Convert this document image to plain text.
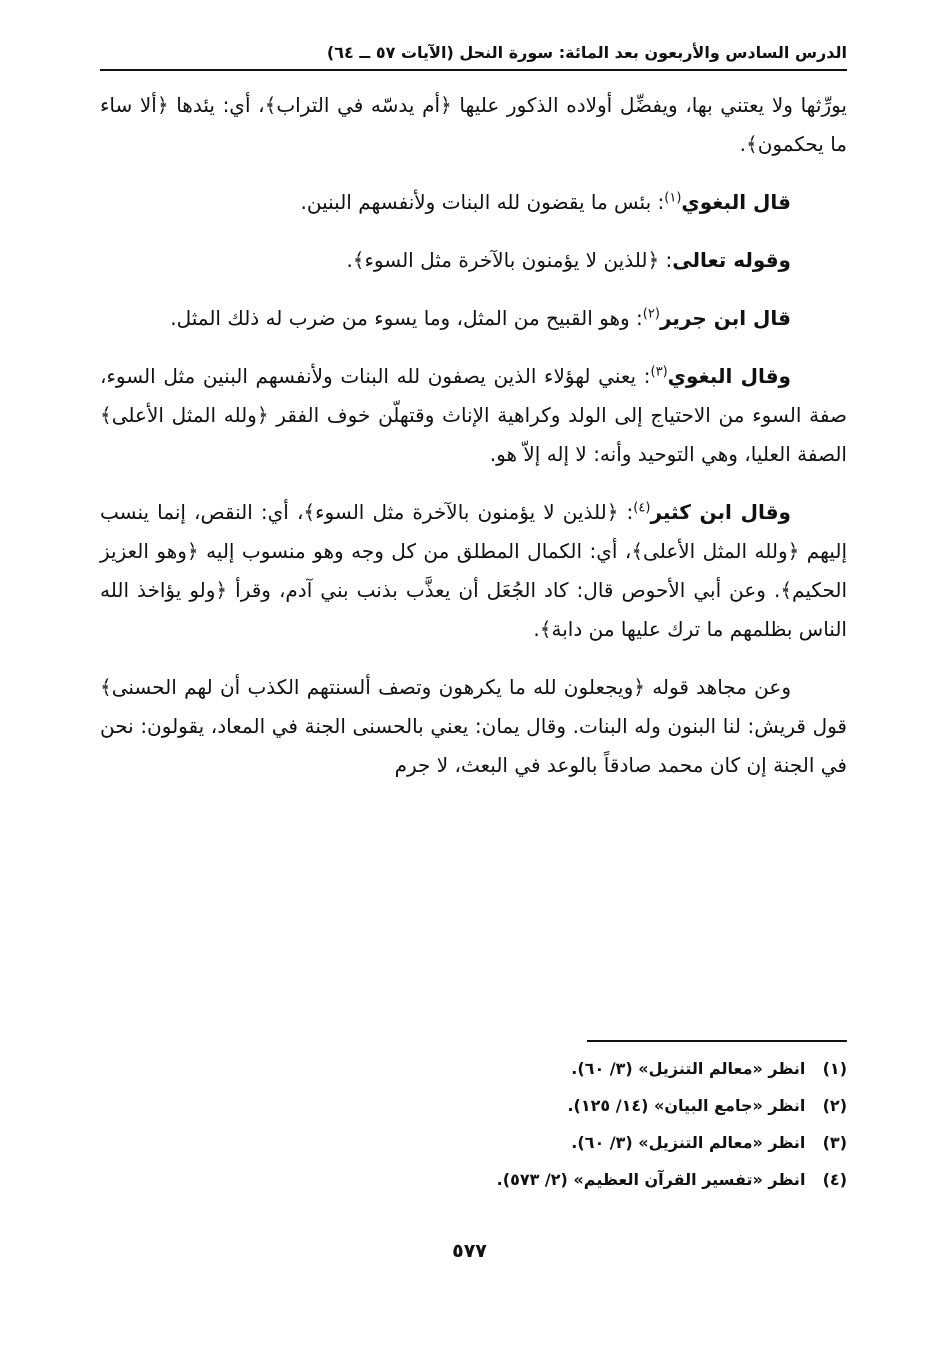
الدرس السادس والأربعون بعد المائة: سورة النحل (الآيات ٥٧ ــ ٦٤)

يورِّثها ولا يعتني بها، ويفضِّل أولاده الذكور عليها ﴿أم يدسّه في التراب﴾، أي: يئدها ﴿ألا ساء ما يحكمون﴾.

قال البغوي$^{(١)}$: بئس ما يقضون لله البنات ولأنفسهم البنين.

وقوله تعالى: ﴿للذين لا يؤمنون بالآخرة مثل السوء﴾.

قال ابن جرير$^{(٢)}$: وهو القبيح من المثل، وما يسوء من ضرب له ذلك المثل.

وقال البغوي$^{(٣)}$: يعني لهؤلاء الذين يصفون لله البنات ولأنفسهم البنين مثل السوء، صفة السوء من الاحتياج إلى الولد وكراهية الإناث وقتهلّن خوف الفقر ﴿ولله المثل الأعلى﴾ الصفة العليا، وهي التوحيد وأنه: لا إله إلاّ هو.

وقال ابن كثير$^{(٤)}$: ﴿للذين لا يؤمنون بالآخرة مثل السوء﴾، أي: النقص، إنما ينسب إليهم ﴿ولله المثل الأعلى﴾، أي: الكمال المطلق من كل وجه وهو منسوب إليه ﴿وهو العزيز الحكيم﴾. وعن أبي الأحوص قال: كاد الجُعَل أن يعذَّب بذنب بني آدم، وقرأ ﴿ولو يؤاخذ الله الناس بظلمهم ما ترك عليها من دابة﴾.

وعن مجاهد قوله ﴿ويجعلون لله ما يكرهون وتصف ألسنتهم الكذب أن لهم الحسنى﴾ قول قريش: لنا البنون وله البنات. وقال يمان: يعني بالحسنى الجنة في المعاد، يقولون: نحن في الجنة إن كان محمد صادقاً بالوعد في البعث، لا جرم

(١) انظر «معالم التنزيل» (٣/ ٦٠).
(٢) انظر «جامع البيان» (١٤/ ١٢٥).
(٣) انظر «معالم التنزيل» (٣/ ٦٠).
(٤) انظر «تفسير القرآن العظيم» (٢/ ٥٧٣).
٥٧٧
